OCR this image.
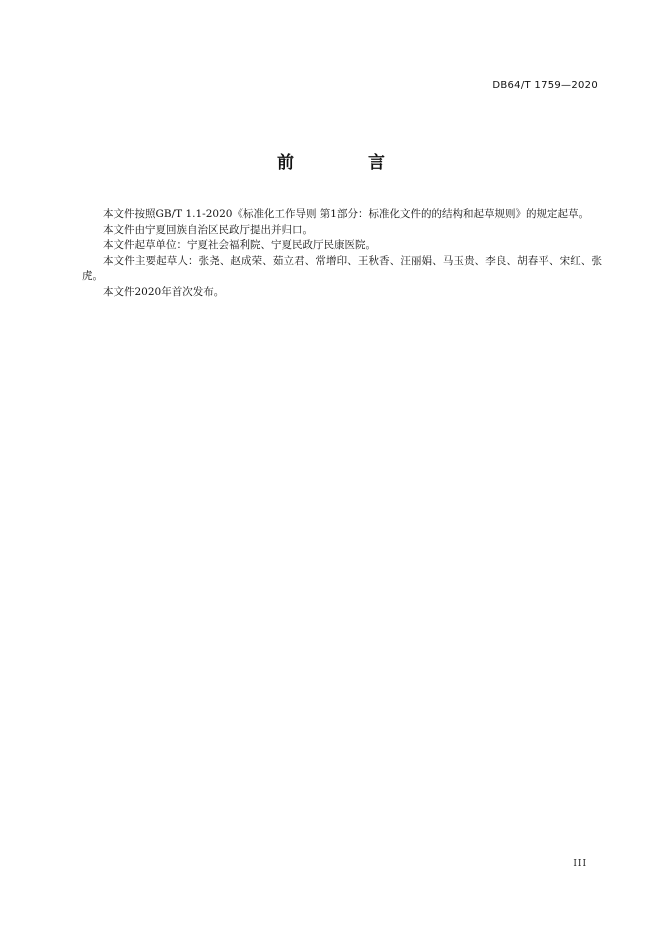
DB64/T 1759—2020
前 言

本文件按照GB/T 1.1-2020《标准化工作导则 第1部分：标准化文件的的结构和起草规则》的规定起草。

本文件由宁夏回族自治区民政厅提出并归口。

本文件起草单位：宁夏社会福利院、宁夏民政厅民康医院。

本文件主要起草人：张尧、赵成荣、茹立君、常增印、王秋香、汪丽娟、马玉贵、李良、胡春平、宋红、张虎。

本文件2020年首次发布。

III
